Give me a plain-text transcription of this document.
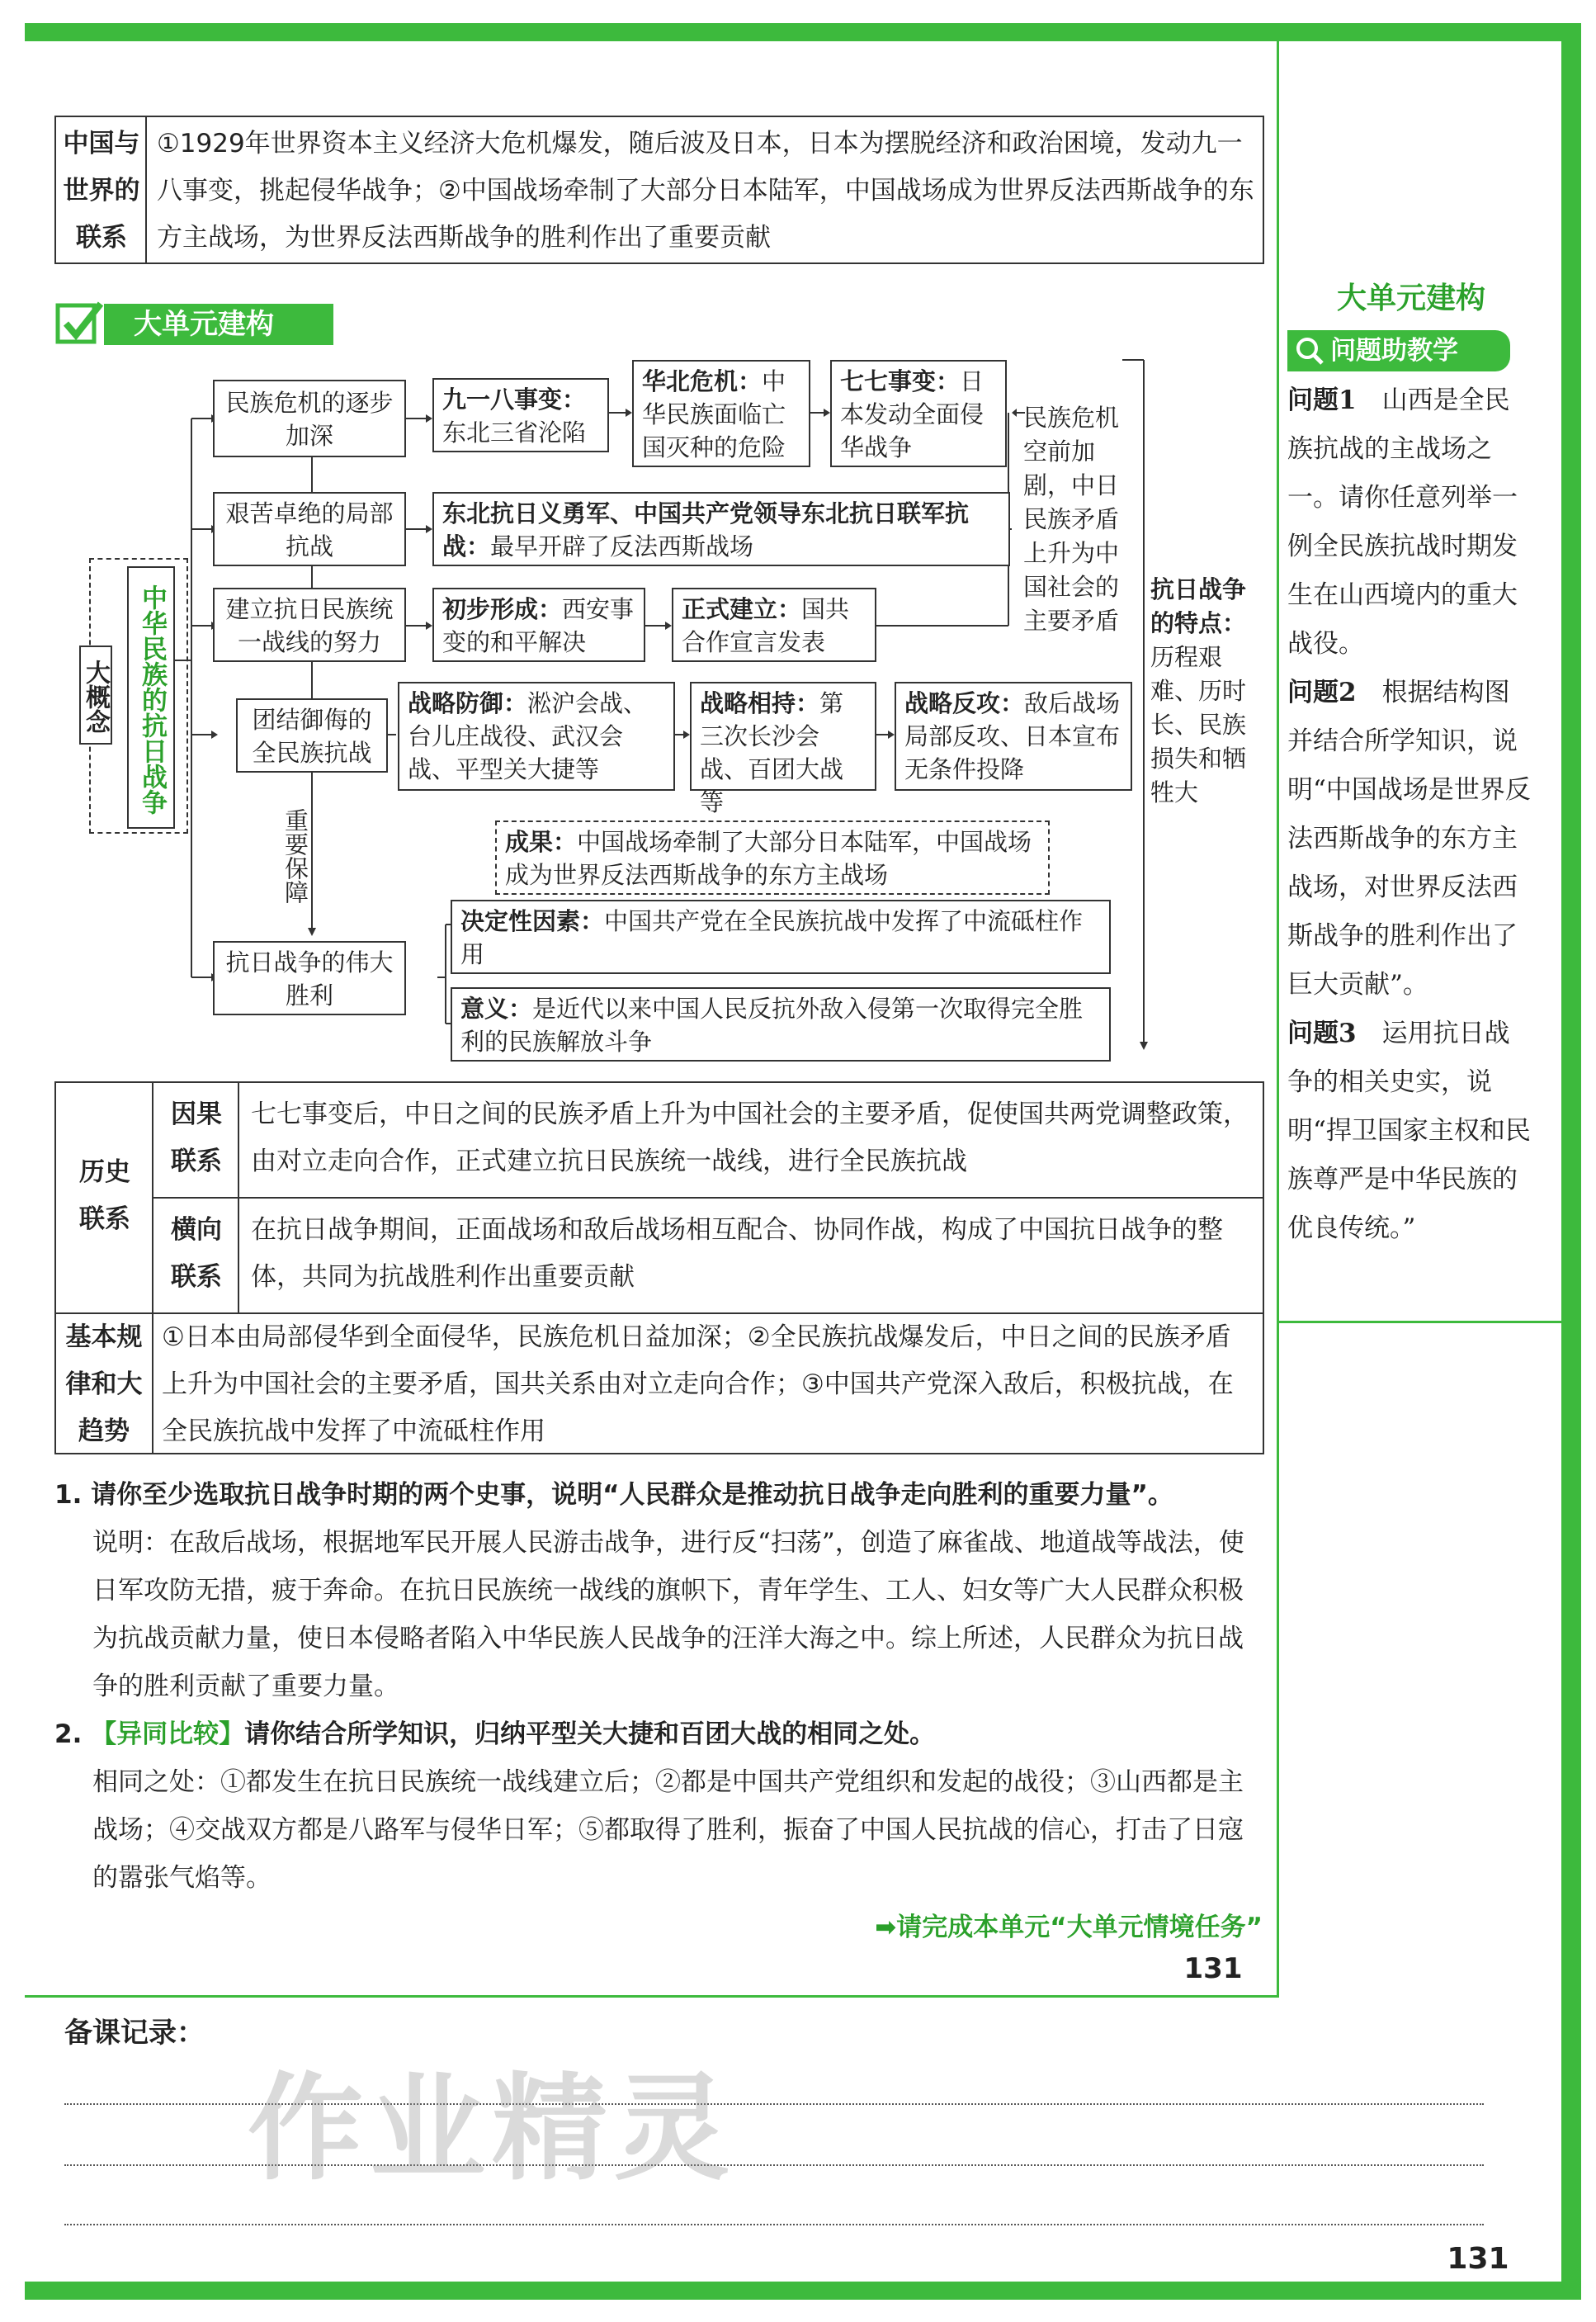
中国与世界的联系
①1929年世界资本主义经济大危机爆发，随后波及日本，日本为摆脱经济和政治困境，发动九一八事变，挑起侵华战争；②中国战场牵制了大部分日本陆军，中国战场成为世界反法西斯战争的东方主战场，为世界反法西斯战争的胜利作出了重要贡献
大单元建构
大概念	中华民族的抗日战争
民族危机的逐步加深
艰苦卓绝的局部抗战
建立抗日民族统一战线的努力
团结御侮的全民族抗战
抗日战争的伟大胜利
九一八事变：
东北三省沦陷
华北危机：中华民族面临亡国灭种的危险
七七事变：日本发动全面侵华战争
东北抗日义勇军、中国共产党领导东北抗日联军抗战：最早开辟了反法西斯战场
初步形成：西安事变的和平解决
正式建立：国共合作宣言发表
战略防御：淞沪会战、台儿庄战役、武汉会战、平型关大捷等
战略相持：第三次长沙会战、百团大战等
战略反攻：敌后战场局部反攻、日本宣布无条件投降
成果：中国战场牵制了大部分日本陆军，中国战场成为世界反法西斯战争的东方主战场
重要保障
决定性因素：中国共产党在全民族抗战中发挥了中流砥柱作用
意义：是近代以来中国人民反抗外敌入侵第一次取得完全胜利的民族解放斗争
民族危机空前加剧，中日民族矛盾上升为中国社会的主要矛盾
抗日战争的特点：历程艰难、历时长、民族损失和牺牲大
历史联系
因果联系
七七事变后，中日之间的民族矛盾上升为中国社会的主要矛盾，促使国共两党调整政策，由对立走向合作，正式建立抗日民族统一战线，进行全民族抗战
横向联系
在抗日战争期间，正面战场和敌后战场相互配合、协同作战，构成了中国抗日战争的整体，共同为抗战胜利作出重要贡献
基本规律和大趋势
①日本由局部侵华到全面侵华，民族危机日益加深；②全民族抗战爆发后，中日之间的民族矛盾上升为中国社会的主要矛盾，国共关系由对立走向合作；③中国共产党深入敌后，积极抗战，在全民族抗战中发挥了中流砥柱作用
1. 请你至少选取抗日战争时期的两个史事，说明“人民群众是推动抗日战争走向胜利的重要力量”。
说明：在敌后战场，根据地军民开展人民游击战争，进行反“扫荡”，创造了麻雀战、地道战等战法，使日军攻防无措，疲于奔命。在抗日民族统一战线的旗帜下，青年学生、工人、妇女等广大人民群众积极为抗战贡献力量，使日本侵略者陷入中华民族人民战争的汪洋大海之中。综上所述，人民群众为抗日战争的胜利贡献了重要力量。
2. 【异同比较】请你结合所学知识，归纳平型关大捷和百团大战的相同之处。
相同之处：①都发生在抗日民族统一战线建立后；②都是中国共产党组织和发起的战役；③山西都是主战场；④交战双方都是八路军与侵华日军；⑤都取得了胜利，振奋了中国人民抗战的信心，打击了日寇的嚣张气焰等。
➡请完成本单元“大单元情境任务”
131
备课记录：
作业精灵
131
大单元建构
问题助教学
问题1　 山西是全民族抗战的主战场之一。请你任意列举一例全民族抗战时期发生在山西境内的重大战役。
问题2　 根据结构图并结合所学知识，说明“中国战场是世界反法西斯战争的东方主战场，对世界反法西斯战争的胜利作出了巨大贡献”。
问题3　 运用抗日战争的相关史实，说明“捍卫国家主权和民族尊严是中华民族的优良传统。”
